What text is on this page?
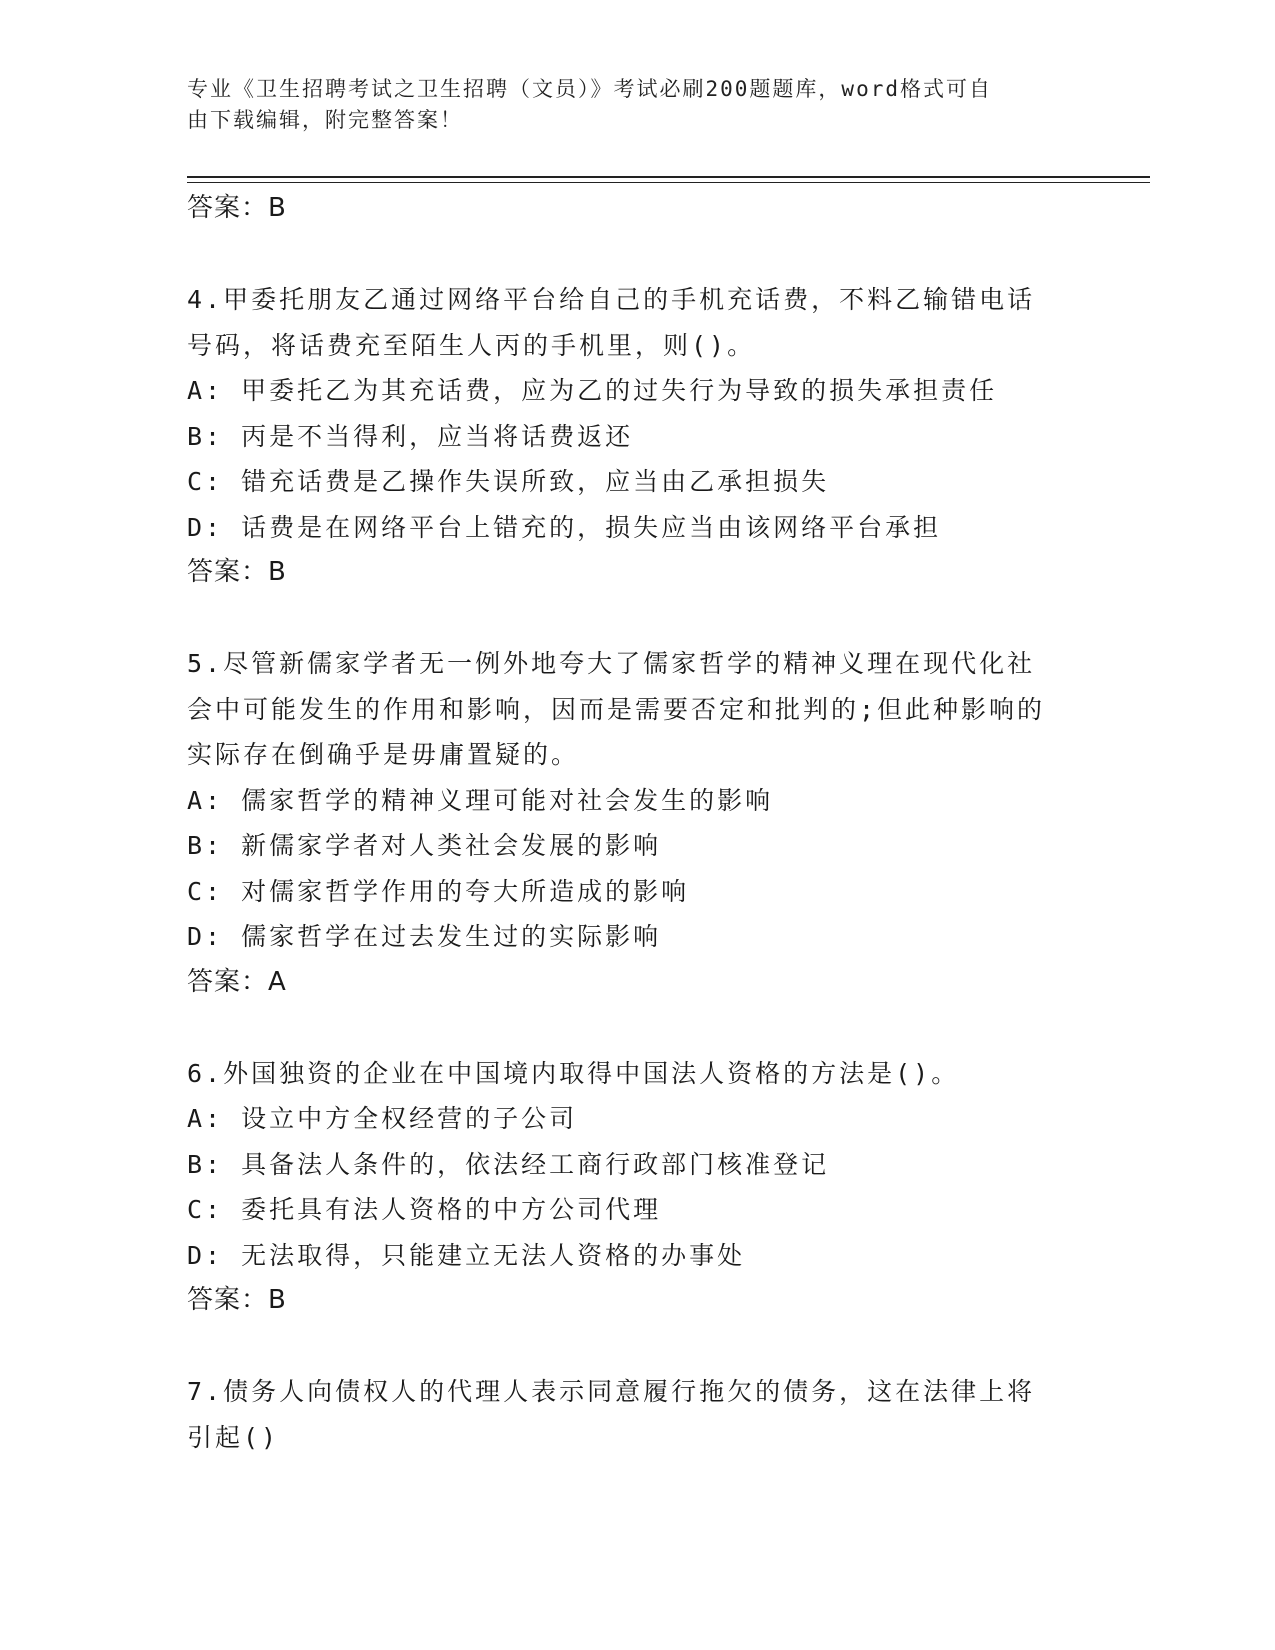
专业《卫生招聘考试之卫生招聘（文员）》考试必刷200题题库，word格式可自
由下载编辑，附完整答案！
答案：B
4.甲委托朋友乙通过网络平台给自己的手机充话费，不料乙输错电话
号码，将话费充至陌生人丙的手机里，则()。
A: 甲委托乙为其充话费，应为乙的过失行为导致的损失承担责任
B: 丙是不当得利，应当将话费返还
C: 错充话费是乙操作失误所致，应当由乙承担损失
D: 话费是在网络平台上错充的，损失应当由该网络平台承担
答案：B
5.尽管新儒家学者无一例外地夸大了儒家哲学的精神义理在现代化社
会中可能发生的作用和影响，因而是需要否定和批判的;但此种影响的
实际存在倒确乎是毋庸置疑的。
A: 儒家哲学的精神义理可能对社会发生的影响
B: 新儒家学者对人类社会发展的影响
C: 对儒家哲学作用的夸大所造成的影响
D: 儒家哲学在过去发生过的实际影响
答案：A
6.外国独资的企业在中国境内取得中国法人资格的方法是()。
A: 设立中方全权经营的子公司
B: 具备法人条件的，依法经工商行政部门核准登记
C: 委托具有法人资格的中方公司代理
D: 无法取得，只能建立无法人资格的办事处
答案：B
7.债务人向债权人的代理人表示同意履行拖欠的债务，这在法律上将
引起()
